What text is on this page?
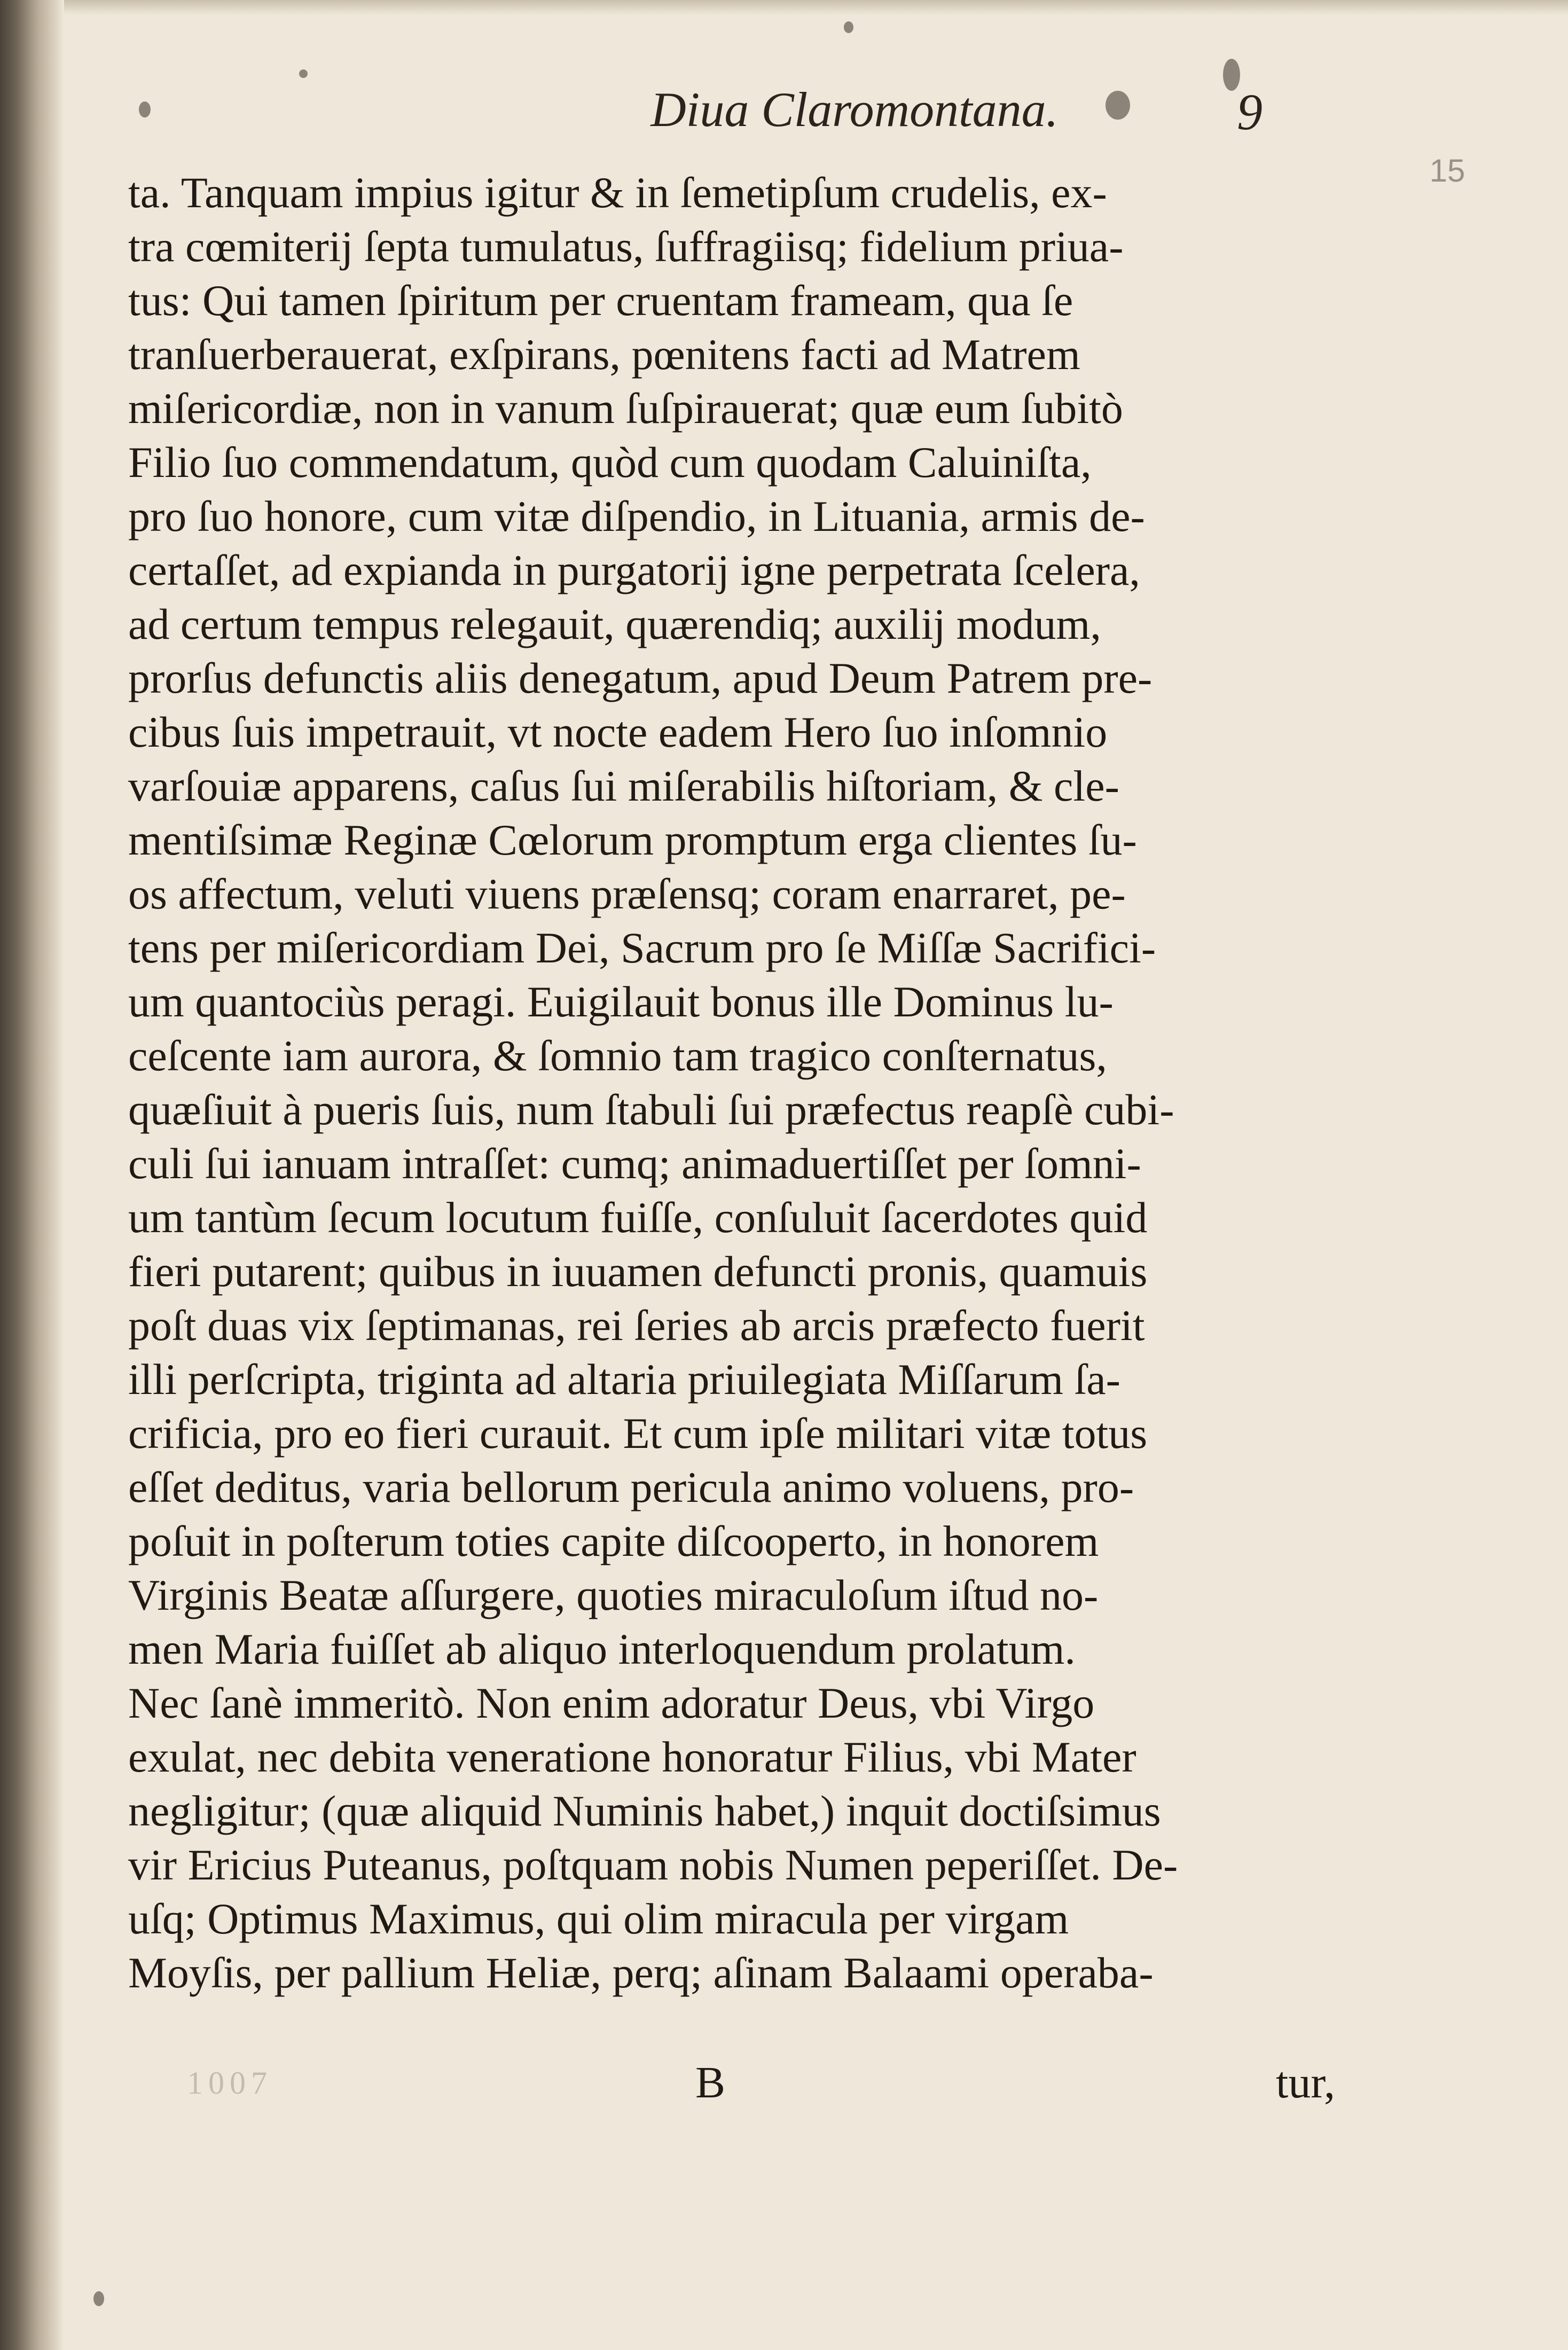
Diua Claromontana.	9
15
ta. Tanquam impius igitur & in ſemetipſum crudelis, ex-
tra cœmiterij ſepta tumulatus, ſuffragiisq; fidelium priua-
tus: Qui tamen ſpiritum per cruentam frameam, qua ſe
tranſuerberauerat, exſpirans, pœnitens facti ad Matrem
miſericordiæ, non in vanum ſuſpirauerat; quæ eum ſubitò
Filio ſuo commendatum, quòd cum quodam Caluiniſta,
pro ſuo honore, cum vitæ diſpendio, in Lituania, armis de-
certaſſet, ad expianda in purgatorij igne perpetrata ſcelera,
ad certum tempus relegauit, quærendiq; auxilij modum,
prorſus defunctis aliis denegatum, apud Deum Patrem pre-
cibus ſuis impetrauit, vt nocte eadem Hero ſuo inſomnio
varſouiæ apparens, caſus ſui miſerabilis hiſtoriam, & cle-
mentiſsimæ Reginæ Cœlorum promptum erga clientes ſu-
os affectum, veluti viuens præſensq; coram enarraret, pe-
tens per miſericordiam Dei, Sacrum pro ſe Miſſæ Sacrifici-
um quantociùs peragi. Euigilauit bonus ille Dominus lu-
ceſcente iam aurora, & ſomnio tam tragico conſternatus,
quæſiuit à pueris ſuis, num ſtabuli ſui præfectus reapſè cubi-
culi ſui ianuam intraſſet: cumq; animaduertiſſet per ſomni-
um tantùm ſecum locutum fuiſſe, conſuluit ſacerdotes quid
fieri putarent; quibus in iuuamen defuncti pronis, quamuis
poſt duas vix ſeptimanas, rei ſeries ab arcis præfecto fuerit
illi perſcripta, triginta ad altaria priuilegiata Miſſarum ſa-
crificia, pro eo fieri curauit. Et cum ipſe militari vitæ totus
eſſet deditus, varia bellorum pericula animo voluens, pro-
poſuit in poſterum toties capite diſcooperto, in honorem
Virginis Beatæ aſſurgere, quoties miraculoſum iſtud no-
men Maria fuiſſet ab aliquo interloquendum prolatum.
Nec ſanè immeritò. Non enim adoratur Deus, vbi Virgo
exulat, nec debita veneratione honoratur Filius, vbi Mater
negligitur; (quæ aliquid Numinis habet,) inquit doctiſsimus
vir Ericius Puteanus, poſtquam nobis Numen peperiſſet. De-
uſq; Optimus Maximus, qui olim miracula per virgam
Moyſis, per pallium Heliæ, perq; aſinam Balaami operaba-
1007	B	tur,
